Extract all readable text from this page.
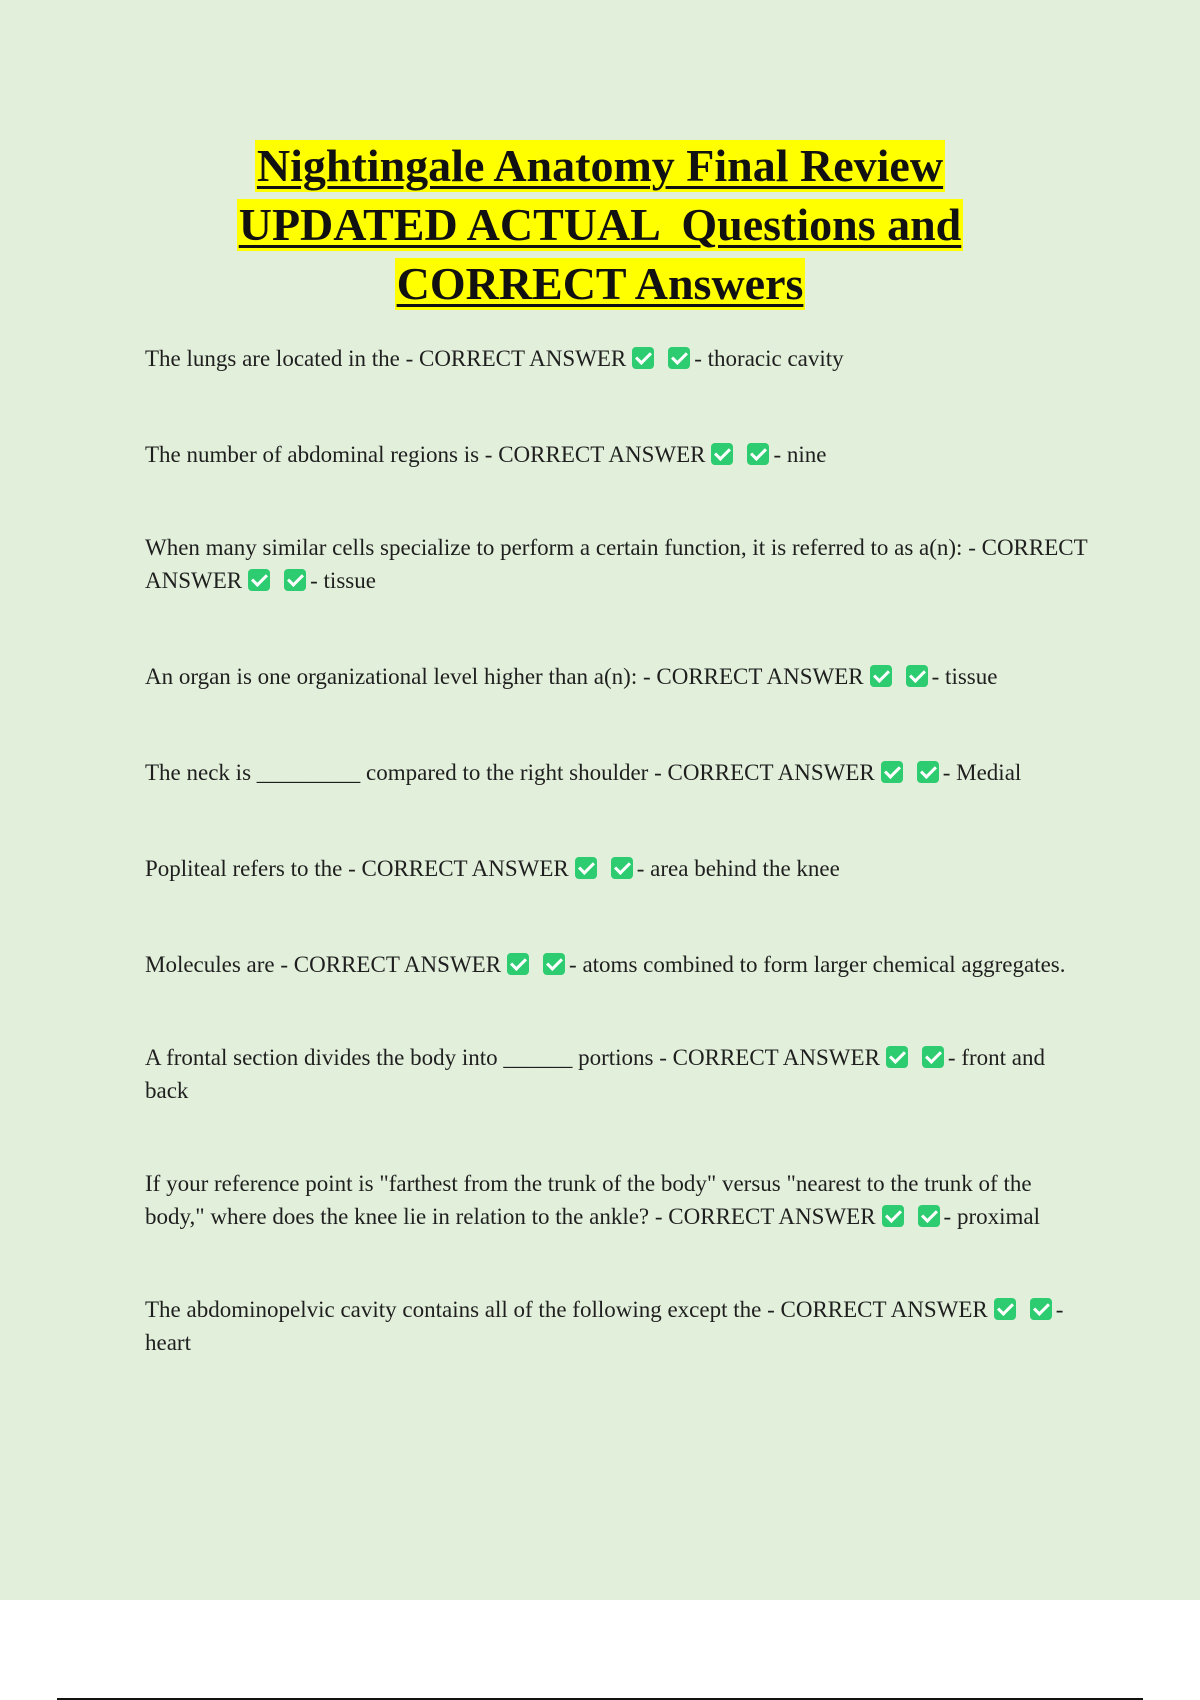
Nightingale Anatomy Final Review
UPDATED ACTUAL  Questions and
CORRECT Answers
The lungs are located in the - CORRECT ANSWER	- thoracic cavity
The number of abdominal regions is - CORRECT ANSWER	- nine
When many similar cells specialize to perform a certain function, it is referred to as a(n): - CORRECT ANSWER	- tissue
An organ is one organizational level higher than a(n): - CORRECT ANSWER	- tissue
The neck is _________ compared to the right shoulder - CORRECT ANSWER	- Medial
Popliteal refers to the - CORRECT ANSWER	- area behind the knee
Molecules are - CORRECT ANSWER	- atoms combined to form larger chemical aggregates.
A frontal section divides the body into ______ portions - CORRECT ANSWER	- front and back
If your reference point is "farthest from the trunk of the body" versus "nearest to the trunk of the body," where does the knee lie in relation to the ankle? - CORRECT ANSWER	- proximal
The abdominopelvic cavity contains all of the following except the - CORRECT ANSWER	- heart
